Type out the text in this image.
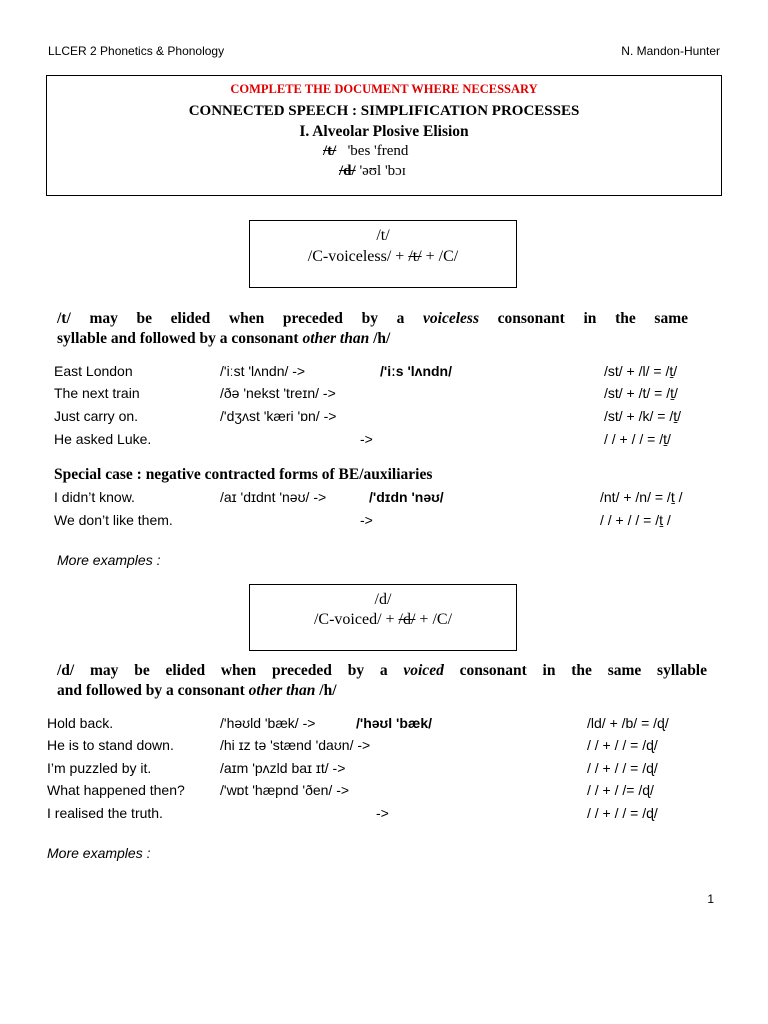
LLCER 2 Phonetics & Phonology	N. Mandon-Hunter
COMPLETE THE DOCUMENT WHERE NECESSARY
CONNECTED SPEECH : SIMPLIFICATION PROCESSES
I. Alveolar Plosive Elision
/t/ 'bes 'frend
/d/ 'əʊl 'bɔɪ
/t/
/C-voiceless/ + /t/ + /C/
/t/ may be elided when preceded by a voiceless consonant in the same
syllable and followed by a consonant other than /h/
East London	/'iːst 'lʌndn/ ->	/'iːs 'lʌndn/	/st/ + /l/ = /ṯ/
The next train	/ðə 'nekst 'treɪn/ ->	/st/ + /t/ = /ṯ/
Just carry on.	/'dʒʌst 'kæri 'ɒn/ ->	/st/ + /k/ = /ṯ/
He asked Luke.	->	/ / + / / = /ṯ/
Special case : negative contracted forms of BE/auxiliaries
I didn’t know.	/aɪ 'dɪdnt 'nəʊ/ ->	/'dɪdn 'nəʊ/	/nt/ + /n/ = /ṯ /
We don’t like them.	->	/ / + / / = /ṯ /
More examples :
/d/
/C-voiced/ + /d/ + /C/
/d/ may be elided when preceded by a voiced consonant in the same syllable
and followed by a consonant other than /h/
Hold back.	/'həʊld 'bæk/ ->	/'həʊl 'bæk/	/ld/ + /b/ = /ɖ/
He is to stand down.	/hi ɪz tə 'stænd 'daʊn/ ->	/ / + / / = /ɖ/
I’m puzzled by it.	/aɪm 'pʌzld baɪ ɪt/ ->	/ / + / / = /ɖ/
What happened then?	/'wɒt 'hæpnd 'ðen/ ->	/ / + / /= /ɖ/
I realised the truth.	->	/ / + / / = /ɖ/
More examples :
1
